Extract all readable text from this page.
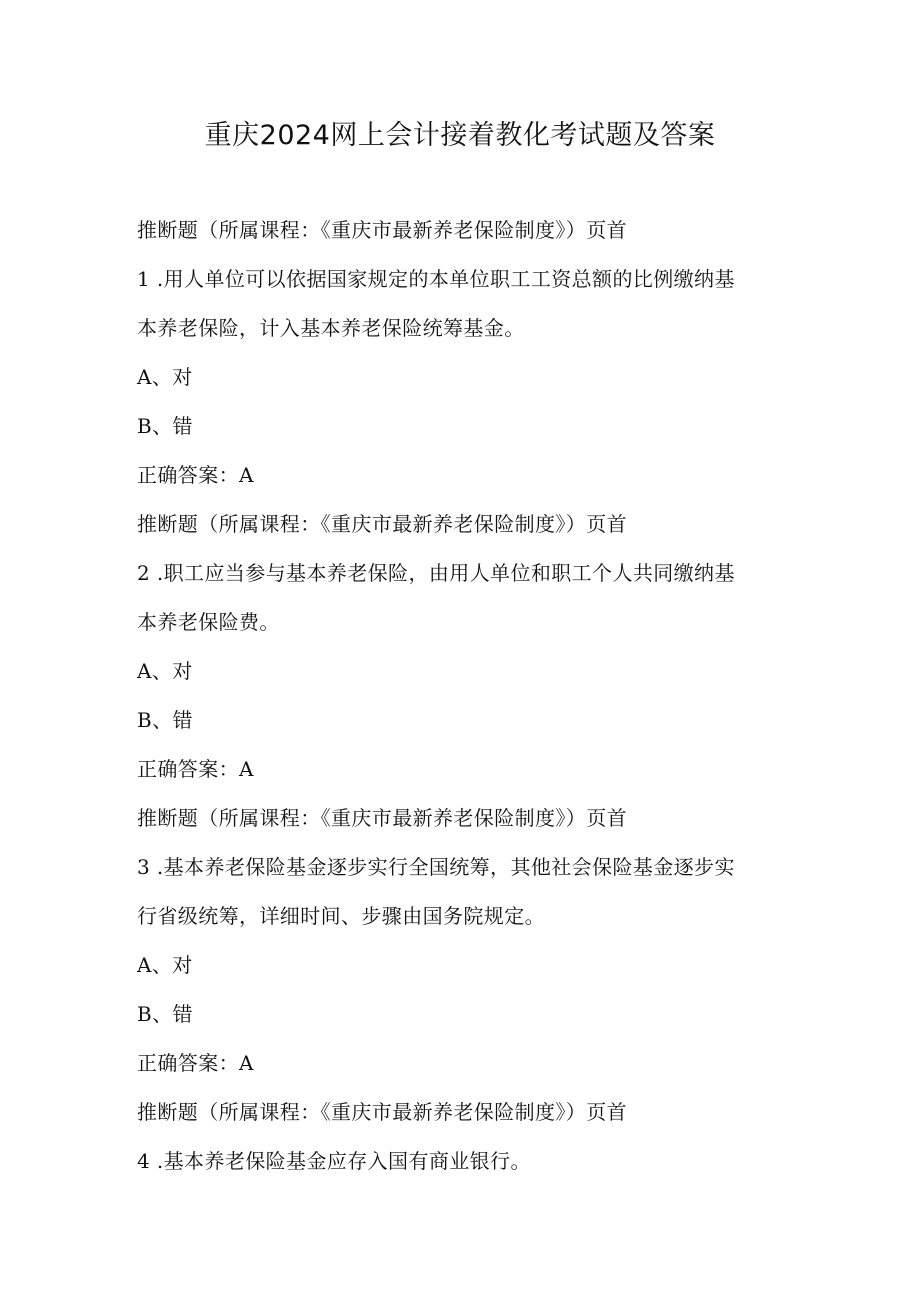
重庆2024网上会计接着教化考试题及答案
推断题（所属课程：《重庆市最新养老保险制度》）页首
1 .用人单位可以依据国家规定的本单位职工工资总额的比例缴纳基
本养老保险，计入基本养老保险统筹基金。
A、对
B、错
正确答案：A
推断题（所属课程：《重庆市最新养老保险制度》）页首
2 .职工应当参与基本养老保险，由用人单位和职工个人共同缴纳基
本养老保险费。
A、对
B、错
正确答案：A
推断题（所属课程：《重庆市最新养老保险制度》）页首
3 .基本养老保险基金逐步实行全国统筹，其他社会保险基金逐步实
行省级统筹，详细时间、步骤由国务院规定。
A、对
B、错
正确答案：A
推断题（所属课程：《重庆市最新养老保险制度》）页首
4 .基本养老保险基金应存入国有商业银行。
